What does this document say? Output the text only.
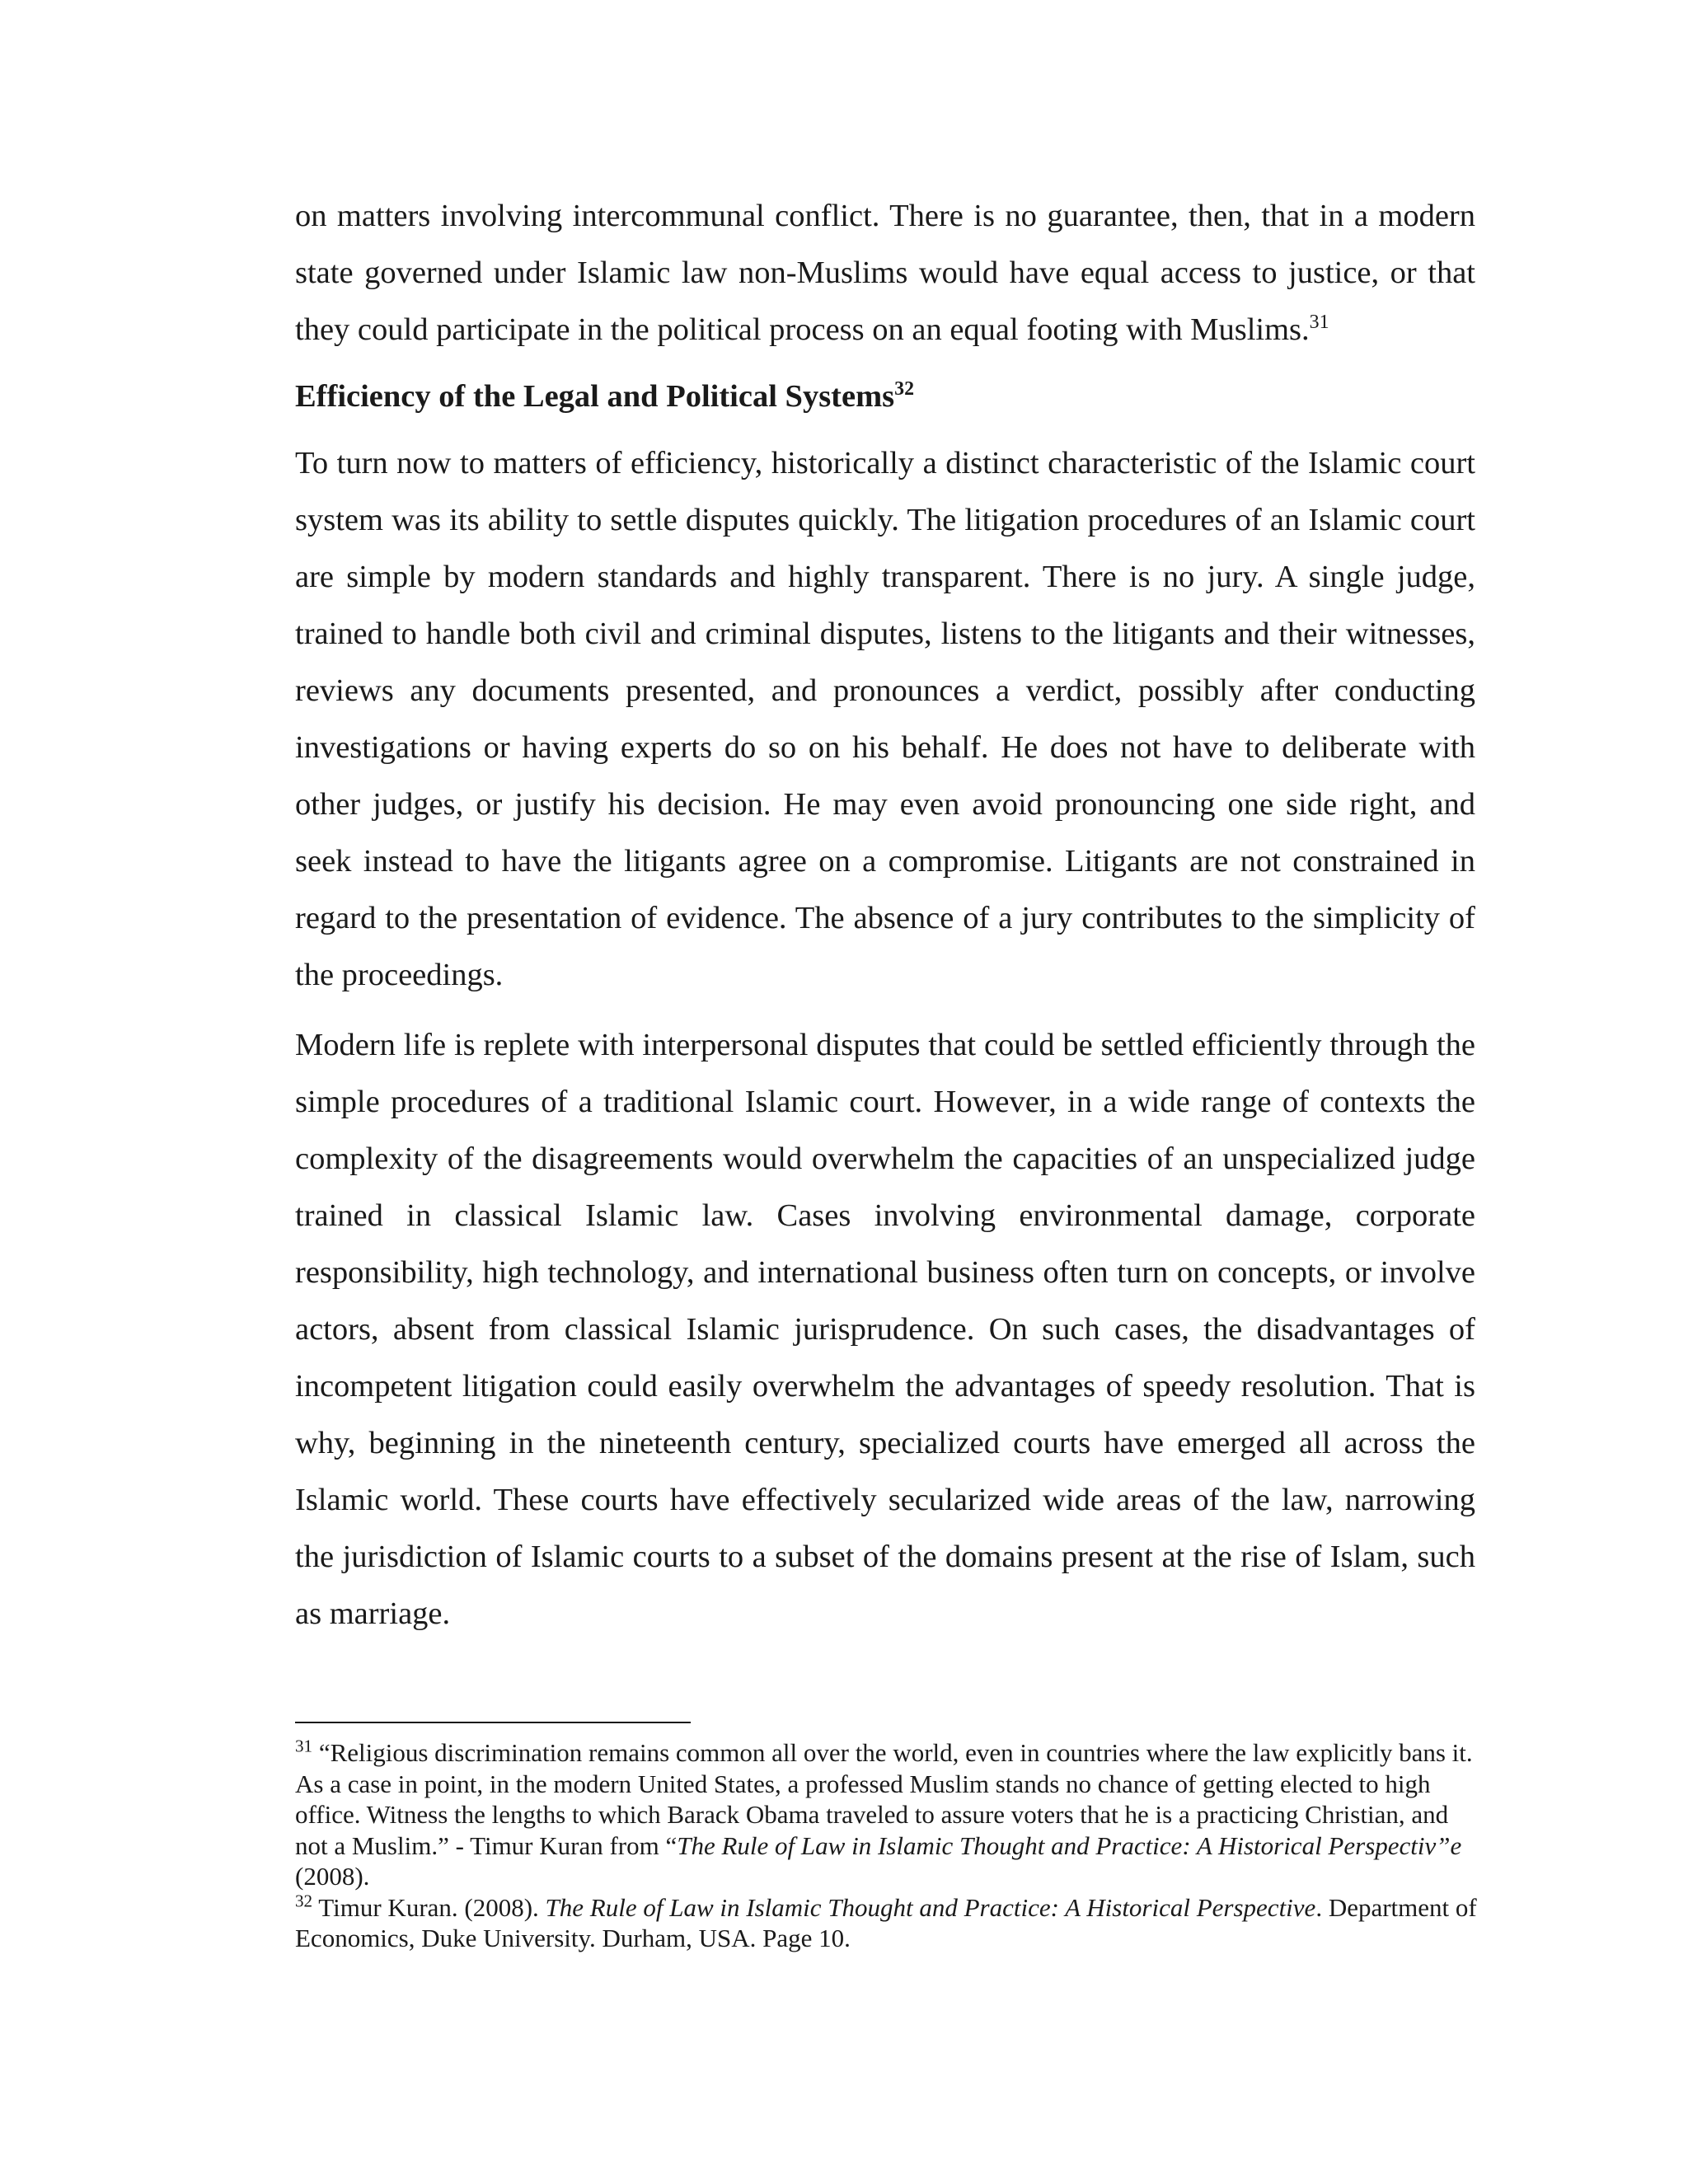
on matters involving intercommunal conflict. There is no guarantee, then, that in a modern state governed under Islamic law non-Muslims would have equal access to justice, or that they could participate in the political process on an equal footing with Muslims.$^{31}$

Efficiency of the Legal and Political Systems$^{32}$

To turn now to matters of efficiency, historically a distinct characteristic of the Islamic court system was its ability to settle disputes quickly. The litigation procedures of an Islamic court are simple by modern standards and highly transparent. There is no jury. A single judge, trained to handle both civil and criminal disputes, listens to the litigants and their witnesses, reviews any documents presented, and pronounces a verdict, possibly after conducting investigations or having experts do so on his behalf. He does not have to deliberate with other judges, or justify his decision. He may even avoid pronouncing one side right, and seek instead to have the litigants agree on a compromise. Litigants are not constrained in regard to the presentation of evidence. The absence of a jury contributes to the simplicity of the proceedings.

Modern life is replete with interpersonal disputes that could be settled efficiently through the simple procedures of a traditional Islamic court. However, in a wide range of contexts the complexity of the disagreements would overwhelm the capacities of an unspecialized judge trained in classical Islamic law. Cases involving environmental damage, corporate responsibility, high technology, and international business often turn on concepts, or involve actors, absent from classical Islamic jurisprudence. On such cases, the disadvantages of incompetent litigation could easily overwhelm the advantages of speedy resolution. That is why, beginning in the nineteenth century, specialized courts have emerged all across the Islamic world. These courts have effectively secularized wide areas of the law, narrowing the jurisdiction of Islamic courts to a subset of the domains present at the rise of Islam, such as marriage.

$^{31}$ “Religious discrimination remains common all over the world, even in countries where the law explicitly bans it. As a case in point, in the modern United States, a professed Muslim stands no chance of getting elected to high office. Witness the lengths to which Barack Obama traveled to assure voters that he is a practicing Christian, and not a Muslim.” - Timur Kuran from “The Rule of Law in Islamic Thought and Practice: A Historical Perspectiv”e (2008).

$^{32}$ Timur Kuran. (2008). The Rule of Law in Islamic Thought and Practice: A Historical Perspective. Department of Economics, Duke University. Durham, USA. Page 10.
